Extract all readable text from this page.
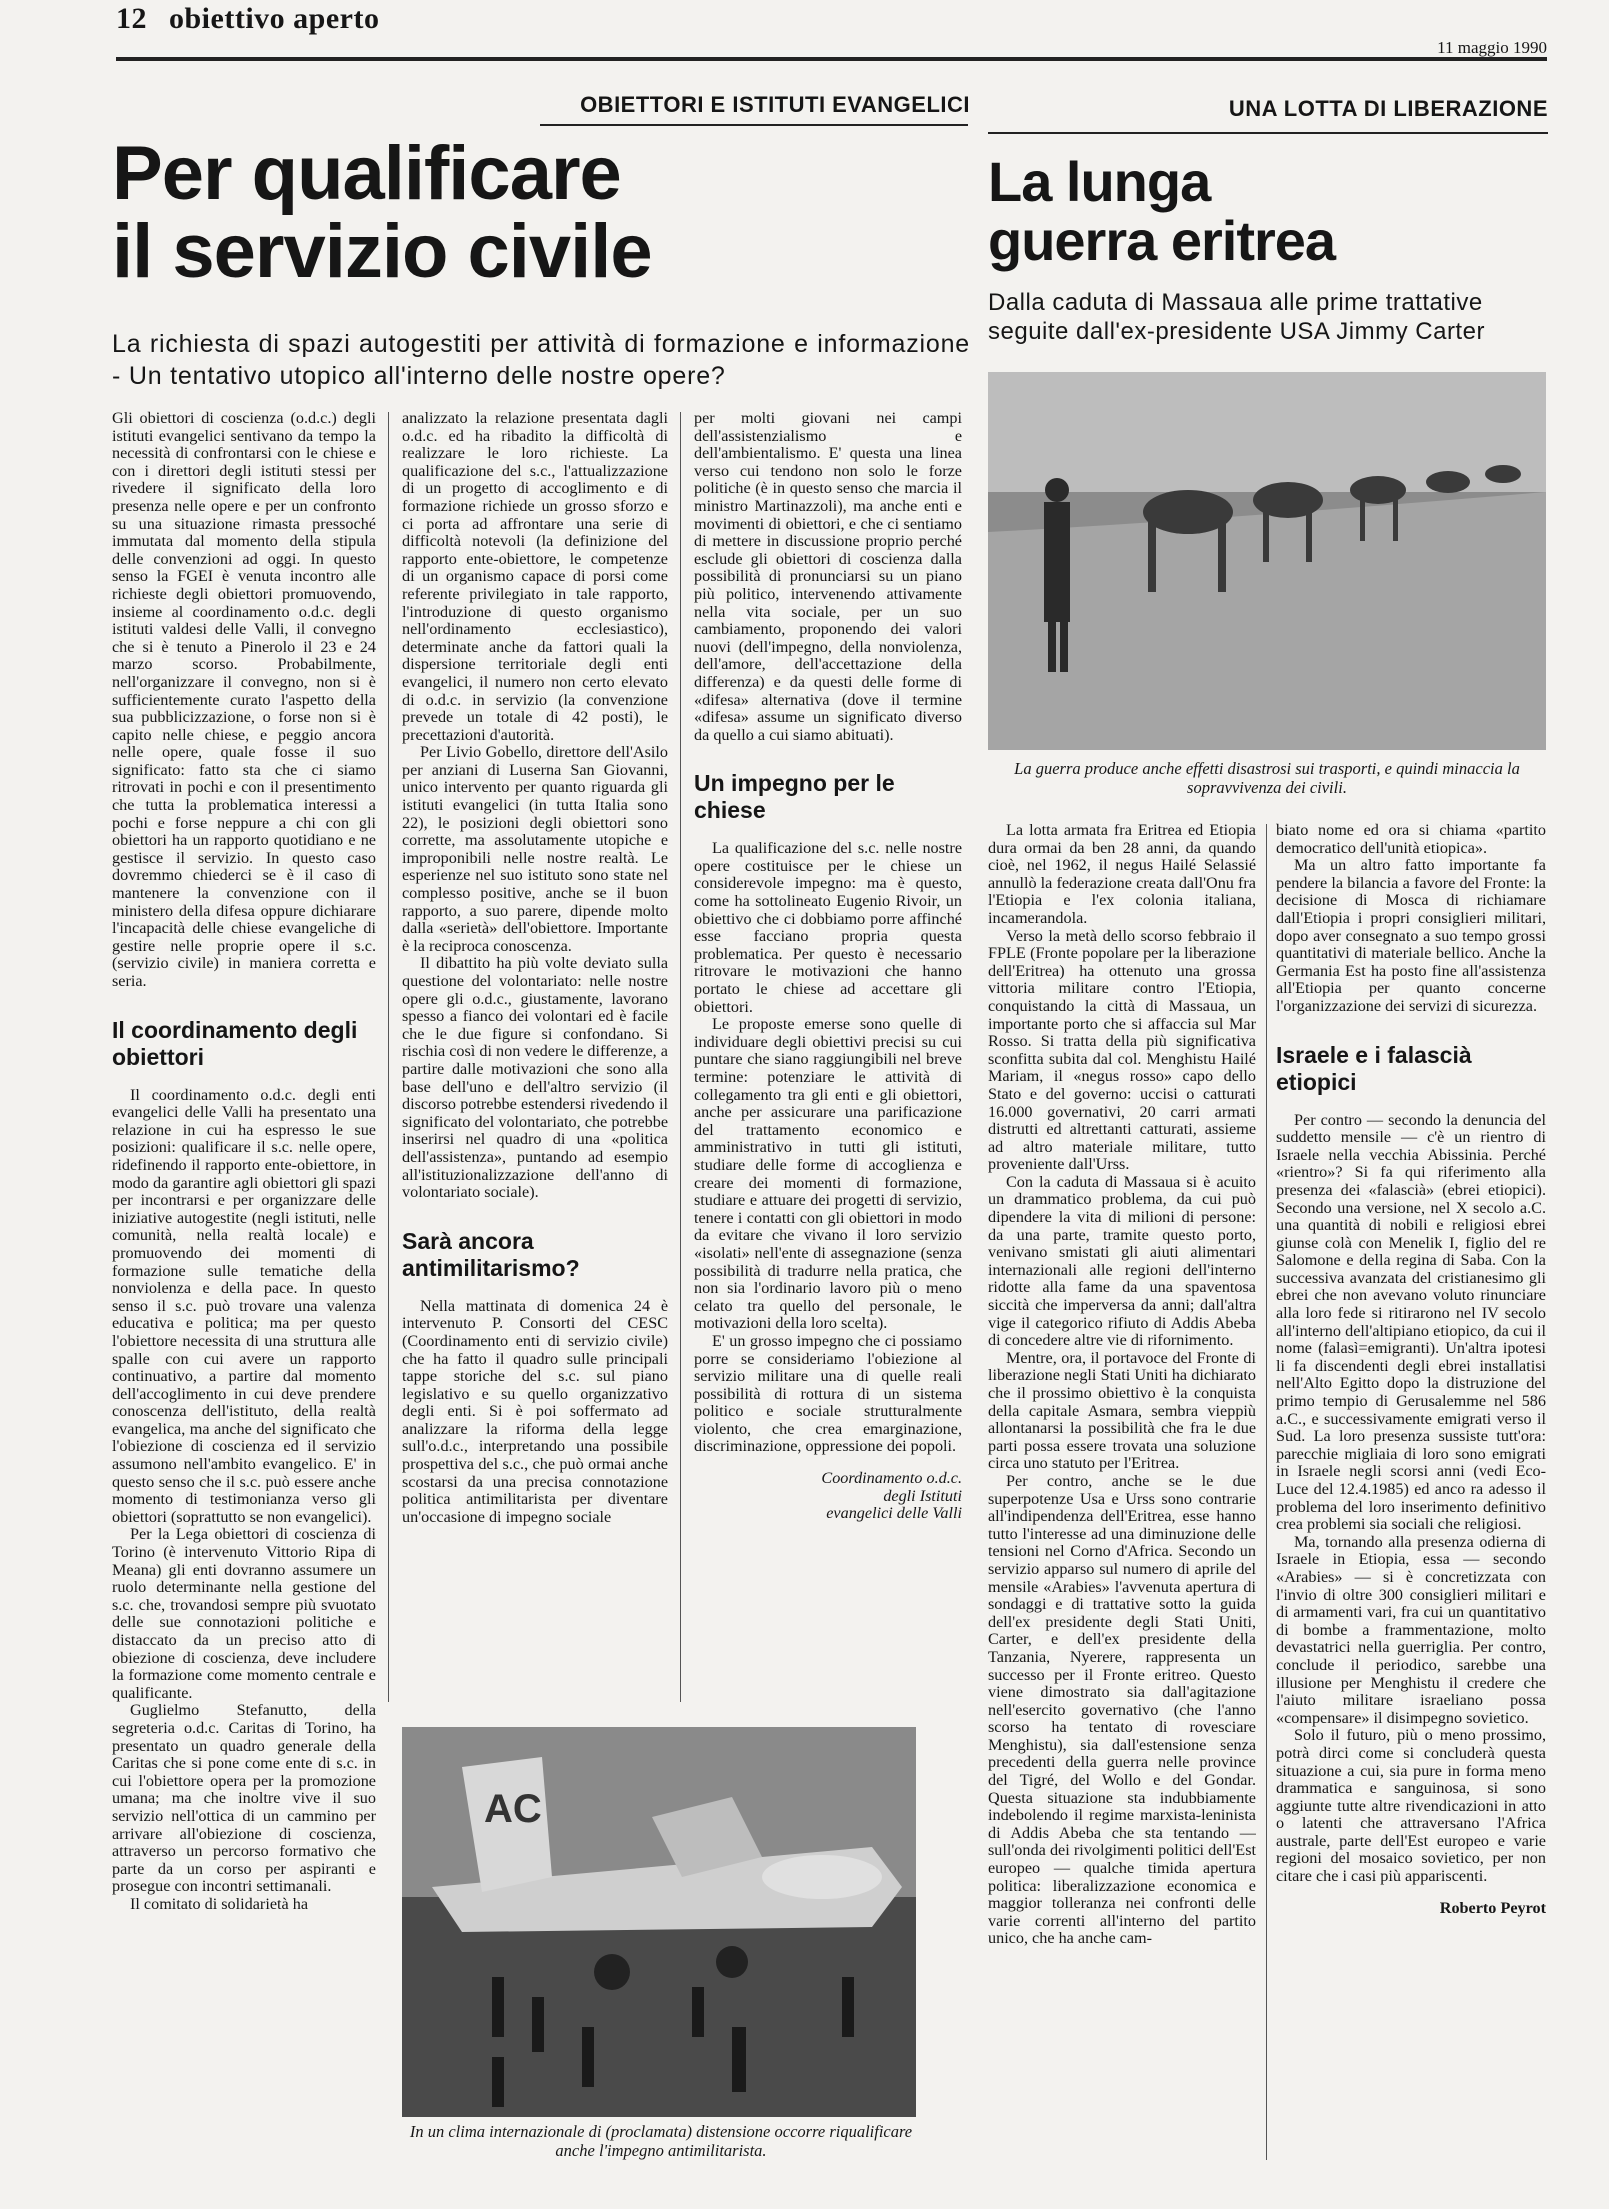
12 obiettivo aperto
11 maggio 1990
OBIETTORI E ISTITUTI EVANGELICI
Per qualificare
il servizio civile
La richiesta di spazi autogestiti per attività di formazione e informazione - Un tentativo utopico all'interno delle nostre opere?

Gli obiettori di coscienza (o.d.c.) degli istituti evangelici sentivano da tempo la necessità di confrontarsi con le chiese e con i direttori degli istituti stessi per rivedere il significato della loro presenza nelle opere e per un confronto su una situazione rimasta pressoché immutata dal momento della stipula delle convenzioni ad oggi. In questo senso la FGEI è venuta incontro alle richieste degli obiettori promuovendo, insieme al coordinamento o.d.c. degli istituti valdesi delle Valli, il convegno che si è tenuto a Pinerolo il 23 e 24 marzo scorso. Probabilmente, nell'organizzare il convegno, non si è sufficientemente curato l'aspetto della sua pubblicizzazione, o forse non si è capito nelle chiese, e peggio ancora nelle opere, quale fosse il suo significato: fatto sta che ci siamo ritrovati in pochi e con il presentimento che tutta la problematica interessi a pochi e forse neppure a chi con gli obiettori ha un rapporto quotidiano e ne gestisce il servizio. In questo caso dovremmo chiederci se è il caso di mantenere la convenzione con il ministero della difesa oppure dichiarare l'incapacità delle chiese evangeliche di gestire nelle proprie opere il s.c. (servizio civile) in maniera corretta e seria.

Il coordinamento degli obiettori

Il coordinamento o.d.c. degli enti evangelici delle Valli ha presentato una relazione in cui ha espresso le sue posizioni: qualificare il s.c. nelle opere, ridefinendo il rapporto ente-obiettore, in modo da garantire agli obiettori gli spazi per incontrarsi e per organizzare delle iniziative autogestite (negli istituti, nelle comunità, nella realtà locale) e promuovendo dei momenti di formazione sulle tematiche della nonviolenza e della pace. In questo senso il s.c. può trovare una valenza educativa e politica; ma per questo l'obiettore necessita di una struttura alle spalle con cui avere un rapporto continuativo, a partire dal momento dell'accoglimento in cui deve prendere conoscenza dell'istituto, della realtà evangelica, ma anche del significato che l'obiezione di coscienza ed il servizio assumono nell'ambito evangelico. E' in questo senso che il s.c. può essere anche momento di testimonianza verso gli obiettori (soprattutto se non evangelici).

Per la Lega obiettori di coscienza di Torino (è intervenuto Vittorio Ripa di Meana) gli enti dovranno assumere un ruolo determinante nella gestione del s.c. che, trovandosi sempre più svuotato delle sue connotazioni politiche e distaccato da un preciso atto di obiezione di coscienza, deve includere la formazione come momento centrale e qualificante.

Guglielmo Stefanutto, della segreteria o.d.c. Caritas di Torino, ha presentato un quadro generale della Caritas che si pone come ente di s.c. in cui l'obiettore opera per la promozione umana; ma che inoltre vive il suo servizio nell'ottica di un cammino per arrivare all'obiezione di coscienza, attraverso un percorso formativo che parte da un corso per aspiranti e prosegue con incontri settimanali.

Il comitato di solidarietà ha

analizzato la relazione presentata dagli o.d.c. ed ha ribadito la difficoltà di realizzare le loro richieste. La qualificazione del s.c., l'attualizzazione di un progetto di accoglimento e di formazione richiede un grosso sforzo e ci porta ad affrontare una serie di difficoltà notevoli (la definizione del rapporto ente-obiettore, le competenze di un organismo capace di porsi come referente privilegiato in tale rapporto, l'introduzione di questo organismo nell'ordinamento ecclesiastico), determinate anche da fattori quali la dispersione territoriale degli enti evangelici, il numero non certo elevato di o.d.c. in servizio (la convenzione prevede un totale di 42 posti), le precettazioni d'autorità.

Per Livio Gobello, direttore dell'Asilo per anziani di Luserna San Giovanni, unico intervento per quanto riguarda gli istituti evangelici (in tutta Italia sono 22), le posizioni degli obiettori sono corrette, ma assolutamente utopiche e improponibili nelle nostre realtà. Le esperienze nel suo istituto sono state nel complesso positive, anche se il buon rapporto, a suo parere, dipende molto dalla «serietà» dell'obiettore. Importante è la reciproca conoscenza.

Il dibattito ha più volte deviato sulla questione del volontariato: nelle nostre opere gli o.d.c., giustamente, lavorano spesso a fianco dei volontari ed è facile che le due figure si confondano. Si rischia così di non vedere le differenze, a partire dalle motivazioni che sono alla base dell'uno e dell'altro servizio (il discorso potrebbe estendersi rivedendo il significato del volontariato, che potrebbe inserirsi nel quadro di una «politica dell'assistenza», puntando ad esempio all'istituzionalizzazione dell'anno di volontariato sociale).

Sarà ancora antimilitarismo?

Nella mattinata di domenica 24 è intervenuto P. Consorti del CESC (Coordinamento enti di servizio civile) che ha fatto il quadro sulle principali tappe storiche del s.c. sul piano legislativo e su quello organizzativo degli enti. Si è poi soffermato ad analizzare la riforma della legge sull'o.d.c., interpretando una possibile prospettiva del s.c., che può ormai anche scostarsi da una precisa connotazione politica antimilitarista per diventare un'occasione di impegno sociale

per molti giovani nei campi dell'assistenzialismo e dell'ambientalismo. E' questa una linea verso cui tendono non solo le forze politiche (è in questo senso che marcia il ministro Martinazzoli), ma anche enti e movimenti di obiettori, e che ci sentiamo di mettere in discussione proprio perché esclude gli obiettori di coscienza dalla possibilità di pronunciarsi su un piano più politico, intervenendo attivamente nella vita sociale, per un suo cambiamento, proponendo dei valori nuovi (dell'impegno, della nonviolenza, dell'amore, dell'accettazione della differenza) e da questi delle forme di «difesa» alternativa (dove il termine «difesa» assume un significato diverso da quello a cui siamo abituati).

Un impegno per le chiese

La qualificazione del s.c. nelle nostre opere costituisce per le chiese un considerevole impegno: ma è questo, come ha sottolineato Eugenio Rivoir, un obiettivo che ci dobbiamo porre affinché esse facciano propria questa problematica. Per questo è necessario ritrovare le motivazioni che hanno portato le chiese ad accettare gli obiettori.

Le proposte emerse sono quelle di individuare degli obiettivi precisi su cui puntare che siano raggiungibili nel breve termine: potenziare le attività di collegamento tra gli enti e gli obiettori, anche per assicurare una parificazione del trattamento economico e amministrativo in tutti gli istituti, studiare delle forme di accoglienza e creare dei momenti di formazione, studiare e attuare dei progetti di servizio, tenere i contatti con gli obiettori in modo da evitare che vivano il loro servizio «isolati» nell'ente di assegnazione (senza possibilità di tradurre nella pratica, che non sia l'ordinario lavoro più o meno celato tra quello del personale, le motivazioni della loro scelta).

E' un grosso impegno che ci possiamo porre se consideriamo l'obiezione al servizio militare una di quelle reali possibilità di rottura di un sistema politico e sociale strutturalmente violento, che crea emarginazione, discriminazione, oppressione dei popoli.

Coordinamento o.d.c.
degli Istituti
evangelici delle Valli
AC
In un clima internazionale di (proclamata) distensione occorre riqualificare anche l'impegno antimilitarista.
UNA LOTTA DI LIBERAZIONE
La lunga
guerra eritrea
Dalla caduta di Massaua alle prime trattative seguite dall'ex-presidente USA Jimmy Carter
La guerra produce anche effetti disastrosi sui trasporti, e quindi minaccia la sopravvivenza dei civili.

La lotta armata fra Eritrea ed Etiopia dura ormai da ben 28 anni, da quando cioè, nel 1962, il negus Hailé Selassié annullò la federazione creata dall'Onu fra l'Etiopia e l'ex colonia italiana, incamerandola.

Verso la metà dello scorso febbraio il FPLE (Fronte popolare per la liberazione dell'Eritrea) ha ottenuto una grossa vittoria militare contro l'Etiopia, conquistando la città di Massaua, un importante porto che si affaccia sul Mar Rosso. Si tratta della più significativa sconfitta subita dal col. Menghistu Hailé Mariam, il «negus rosso» capo dello Stato e del governo: uccisi o catturati 16.000 governativi, 20 carri armati distrutti ed altrettanti catturati, assieme ad altro materiale militare, tutto proveniente dall'Urss.

Con la caduta di Massaua si è acuito un drammatico problema, da cui può dipendere la vita di milioni di persone: da una parte, tramite questo porto, venivano smistati gli aiuti alimentari internazionali alle regioni dell'interno ridotte alla fame da una spaventosa siccità che imperversa da anni; dall'altra vige il categorico rifiuto di Addis Abeba di concedere altre vie di rifornimento.

Mentre, ora, il portavoce del Fronte di liberazione negli Stati Uniti ha dichiarato che il prossimo obiettivo è la conquista della capitale Asmara, sembra vieppiù allontanarsi la possibilità che fra le due parti possa essere trovata una soluzione circa uno statuto per l'Eritrea.

Per contro, anche se le due superpotenze Usa e Urss sono contrarie all'indipendenza dell'Eritrea, esse hanno tutto l'interesse ad una diminuzione delle tensioni nel Corno d'Africa. Secondo un servizio apparso sul numero di aprile del mensile «Arabies» l'avvenuta apertura di sondaggi e di trattative sotto la guida dell'ex presidente degli Stati Uniti, Carter, e dell'ex presidente della Tanzania, Nyerere, rappresenta un successo per il Fronte eritreo. Questo viene dimostrato sia dall'agitazione nell'esercito governativo (che l'anno scorso ha tentato di rovesciare Menghistu), sia dall'estensione senza precedenti della guerra nelle province del Tigré, del Wollo e del Gondar. Questa situazione sta indubbiamente indebolendo il regime marxista-leninista di Addis Abeba che sta tentando — sull'onda dei rivolgimenti politici dell'Est europeo — qualche timida apertura politica: liberalizzazione economica e maggior tolleranza nei confronti delle varie correnti all'interno del partito unico, che ha anche cam-

biato nome ed ora si chiama «partito democratico dell'unità etiopica».

Ma un altro fatto importante fa pendere la bilancia a favore del Fronte: la decisione di Mosca di richiamare dall'Etiopia i propri consiglieri militari, dopo aver consegnato a suo tempo grossi quantitativi di materiale bellico. Anche la Germania Est ha posto fine all'assistenza all'Etiopia per quanto concerne l'organizzazione dei servizi di sicurezza.

Israele e i falascià etiopici

Per contro — secondo la denuncia del suddetto mensile — c'è un rientro di Israele nella vecchia Abissinia. Perché «rientro»? Si fa qui riferimento alla presenza dei «falascià» (ebrei etiopici). Secondo una versione, nel X secolo a.C. una quantità di nobili e religiosi ebrei giunse colà con Menelik I, figlio del re Salomone e della regina di Saba. Con la successiva avanzata del cristianesimo gli ebrei che non avevano voluto rinunciare alla loro fede si ritirarono nel IV secolo all'interno dell'altipiano etiopico, da cui il nome (falasì=emigranti). Un'altra ipotesi li fa discendenti degli ebrei installatisi nell'Alto Egitto dopo la distruzione del primo tempio di Gerusalemme nel 586 a.C., e successivamente emigrati verso il Sud. La loro presenza sussiste tutt'ora: parecchie migliaia di loro sono emigrati in Israele negli scorsi anni (vedi Eco-Luce del 12.4.1985) ed anco ra adesso il problema del loro inserimento definitivo crea problemi sia sociali che religiosi.

Ma, tornando alla presenza odierna di Israele in Etiopia, essa — secondo «Arabies» — si è concretizzata con l'invio di oltre 300 consiglieri militari e di armamenti vari, fra cui un quantitativo di bombe a frammentazione, molto devastatrici nella guerriglia. Per contro, conclude il periodico, sarebbe una illusione per Menghistu il credere che l'aiuto militare israeliano possa «compensare» il disimpegno sovietico.

Solo il futuro, più o meno prossimo, potrà dirci come si concluderà questa situazione a cui, sia pure in forma meno drammatica e sanguinosa, si sono aggiunte tutte altre rivendicazioni in atto o latenti che attraversano l'Africa australe, parte dell'Est europeo e varie regioni del mosaico sovietico, per non citare che i casi più appariscenti.

Roberto Peyrot
